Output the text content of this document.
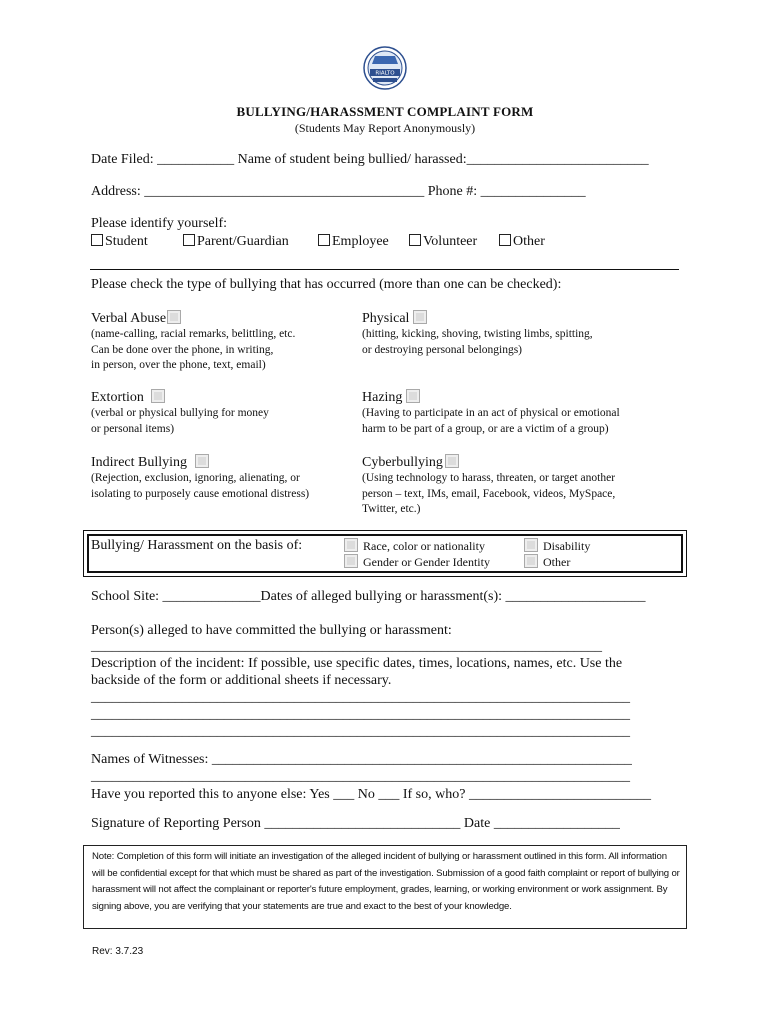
RIALTO
BULLYING/HARASSMENT COMPLAINT FORM
(Students May Report Anonymously)
Date Filed: ___________ Name of student being bullied/ harassed:__________________________
Address: ________________________________________ Phone #: _______________
Please identify yourself:
Student	Parent/Guardian	Employee	Volunteer	Other
Please check the type of bullying that has occurred (more than one can be checked):
Verbal Abuse
(name-calling, racial remarks, belittling, etc.
Can be done over the phone, in writing,
in person, over the phone, text, email)
Physical
(hitting, kicking, shoving, twisting limbs, spitting,
or destroying personal belongings)
Extortion
(verbal or physical bullying for money
or personal items)
Hazing
(Having to participate in an act of physical or emotional
harm to be part of a group, or are a victim of a group)
Indirect Bullying
(Rejection, exclusion, ignoring, alienating, or
isolating to purposely cause emotional distress)
Cyberbullying
(Using technology to harass, threaten, or target another
person – text, IMs, email, Facebook, videos, MySpace,
Twitter, etc.)
Bullying/ Harassment on the basis of:	Race, color or nationality
Gender or Gender Identity
Disability
Other
School Site: ______________Dates of alleged bullying or harassment(s): ____________________
Person(s) alleged to have committed the bullying or harassment:
_________________________________________________________________________
Description of the incident: If possible, use specific dates, times, locations, names, etc. Use the
backside of the form or additional sheets if necessary.
_____________________________________________________________________________
_____________________________________________________________________________
_____________________________________________________________________________
Names of Witnesses: ____________________________________________________________
_____________________________________________________________________________
Have you reported this to anyone else: Yes ___ No ___ If so, who? __________________________
Signature of Reporting Person ____________________________ Date __________________
Note: Completion of this form will initiate an investigation of the alleged incident of bullying or harassment outlined in this form. All information will be confidential except for that which must be shared as part of the investigation. Submission of a good faith complaint or report of bullying or harassment will not affect the complainant or reporter's future employment, grades, learning, or working environment or work assignment. By signing above, you are verifying that your statements are true and exact to the best of your knowledge.
Rev: 3.7.23
